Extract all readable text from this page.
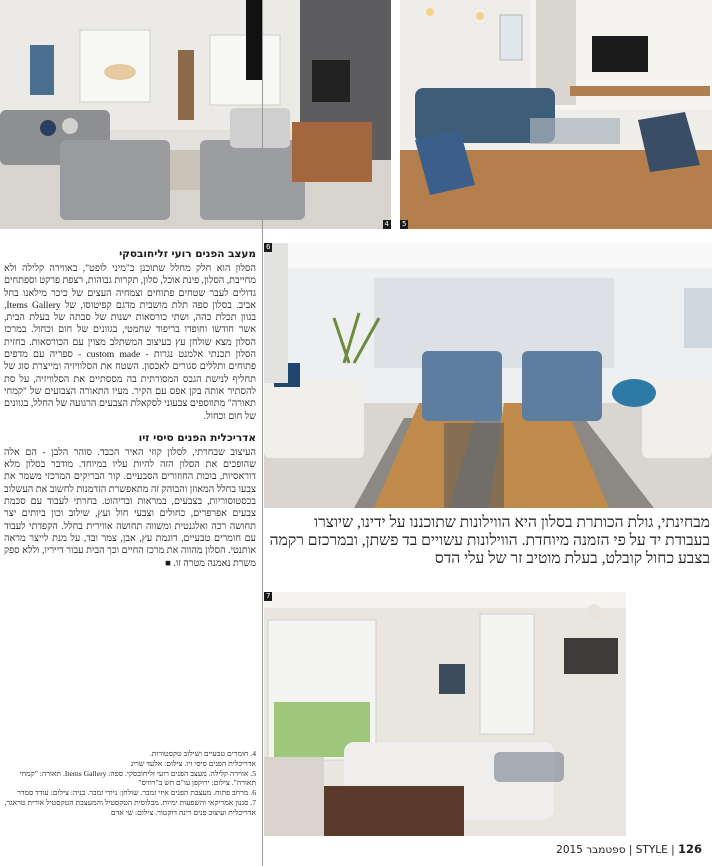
4 5
6
7

מעצב הפנים רועי זליחובסקי

הסלון הוא חלק מחלל שתוכנן כ"מיני לופט", באווירה קלילה ולא מחייבת, הסלון, פינת אוכל, סלון, תקרות גבוהות, רצפת פרקט וספתחים גדולים לעבר שטחים פתוחים וצמחיה העצים של כיכר מילאנו בחל אביב. בסלון ספה תלת מושבית מדגם קפיטוסו, של Items Gallery, בגוון תכלת כהה, ושתי כורסאות ישנות של סבתה של בעלת הבית, אשר חודשו וחופדו בריפוד שחמטי, בגוונים של חום וכחול. במרכז הסלון מצא שולחן עץ בעיצוב המשתלב מצוין עם הכורסאות. בחזית הסלון תכנתי אלמנט נגרות - custom made - ספריה עם מדפים פתוחים ותללים סגורים לאכסון. השטח את הסלוויזיה ומייצרת סוג של תחליף לנישת הגבס המסורתית בה מססתיים את הסלוויזיה, על סת להסתיר אותה בקן אפס עם הקיר. מעיו התאורה הצבועים של "קמחי תאורה" מתווספים צבעוני לסקאלת הצבעים הרגועה של החלל, בגוונים של חום וכחול.

אדריכלית הפנים סיסי זיו

העיצוב שבחרתי, לסלון קוזי האיר הכבד. סוהר הלבן - הם אלה שהופכים את הסלון הזה להיות עליו במיוחד. מודבר בסלון מלא דוראסיות, בוכות החוזורים הסבעיים. קור הבריקים המרכזי משמר את צבעו בחלל המאוזן והבוהק זה מתאפשרת הזדמנות לחשוב את העשלוב בכסטוסוריות, בצבעים, במראות ובריהוט. בחרתי לעבוד עם סכמת צבעים אפרפרים, כחולים וצבעי חול ועץ, שילוב וכון ביותים יצר תחושה רכה ואלגנטית ומשווה תחושה אווירית בחלל. הקפדתי לעבוד עם חומרים טבעיים, דוגמת עץ, אבן, צמר ובד, על מנת לייצר מראה אותנטי. הסלון מהווה את מרכז החיים וכך הבית עבור דייריו, וללא ספק משרת נאמנה מטרה זו. ■

4. חומרים טבעיים ושילוב טקסטורות.

אדריכלית הפנים סיסי זיו. צילום: אלעד שריג

5. אווירה קלילה. מעצב הפנים רועי זליחובסקי. ספה: Items Gallery. תאורה: "קמחי תאורה". צילום: ירוקפן עו"ם חש ב"רוזיס"

6. מרחב פתוח. מעצבת הפנים איזי זמבר. שולחן: ניודי זמבר. בניה: צילום: עודד סמדר

7. סגנון אמריקאי והשפעות ימיות. מבלוסית הטקסטיל והמעצבת הטקסטיל אורית טראגר, אדריכלית ועיצוב פנים רינה דוקטור. צילום: שי אדם

מבחינתי, גולת הכותרת בסלון היא הווילונות שתוכננו על ידינו, שיוצרו בעבודת יד על פי הזמנה מיוחדת. הווילונות עשויים בד פשתן, ובמרכזם רקמה בצבע כחול קובלט, בעלת מוטיב זר של עלי הדס
ספטמבר 2015 | STYLE | 126
